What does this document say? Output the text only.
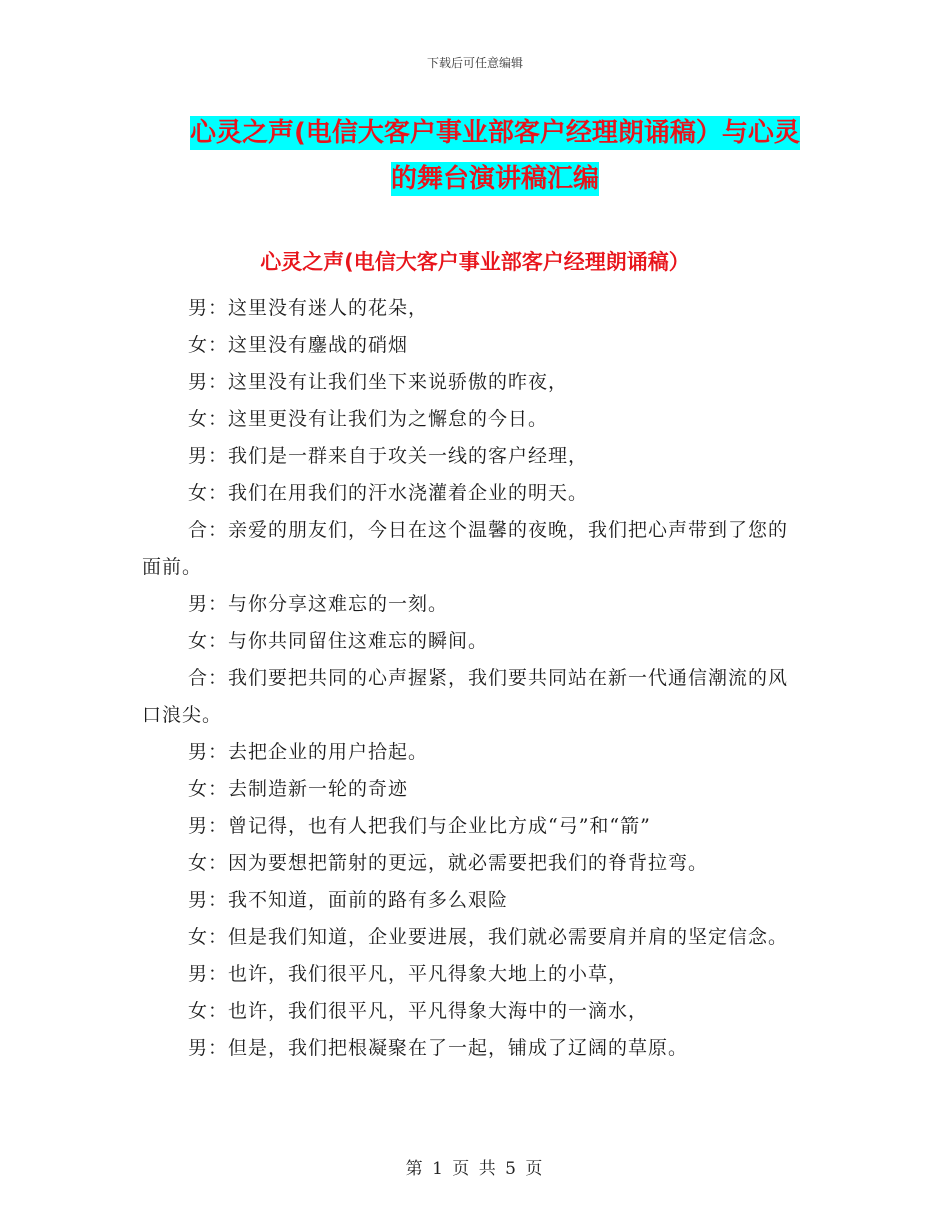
下载后可任意编辑
心灵之声(电信大客户事业部客户经理朗诵稿）与心灵
的舞台演讲稿汇编
心灵之声(电信大客户事业部客户经理朗诵稿）

男：这里没有迷人的花朵，

女：这里没有鏖战的硝烟

男：这里没有让我们坐下来说骄傲的昨夜，

女：这里更没有让我们为之懈怠的今日。

男：我们是一群来自于攻关一线的客户经理，

女：我们在用我们的汗水浇灌着企业的明天。

合：亲爱的朋友们，今日在这个温馨的夜晚，我们把心声带到了您的面前。

男：与你分享这难忘的一刻。

女：与你共同留住这难忘的瞬间。

合：我们要把共同的心声握紧，我们要共同站在新一代通信潮流的风口浪尖。

男：去把企业的用户拾起。

女：去制造新一轮的奇迹

男：曾记得，也有人把我们与企业比方成“弓”和“箭”

女：因为要想把箭射的更远，就必需要把我们的脊背拉弯。

男：我不知道，面前的路有多么艰险

女：但是我们知道，企业要进展，我们就必需要肩并肩的坚定信念。

男：也许，我们很平凡，平凡得象大地上的小草，

女：也许，我们很平凡，平凡得象大海中的一滴水，

男：但是，我们把根凝聚在了一起，铺成了辽阔的草原。

第 1 页 共 5 页
